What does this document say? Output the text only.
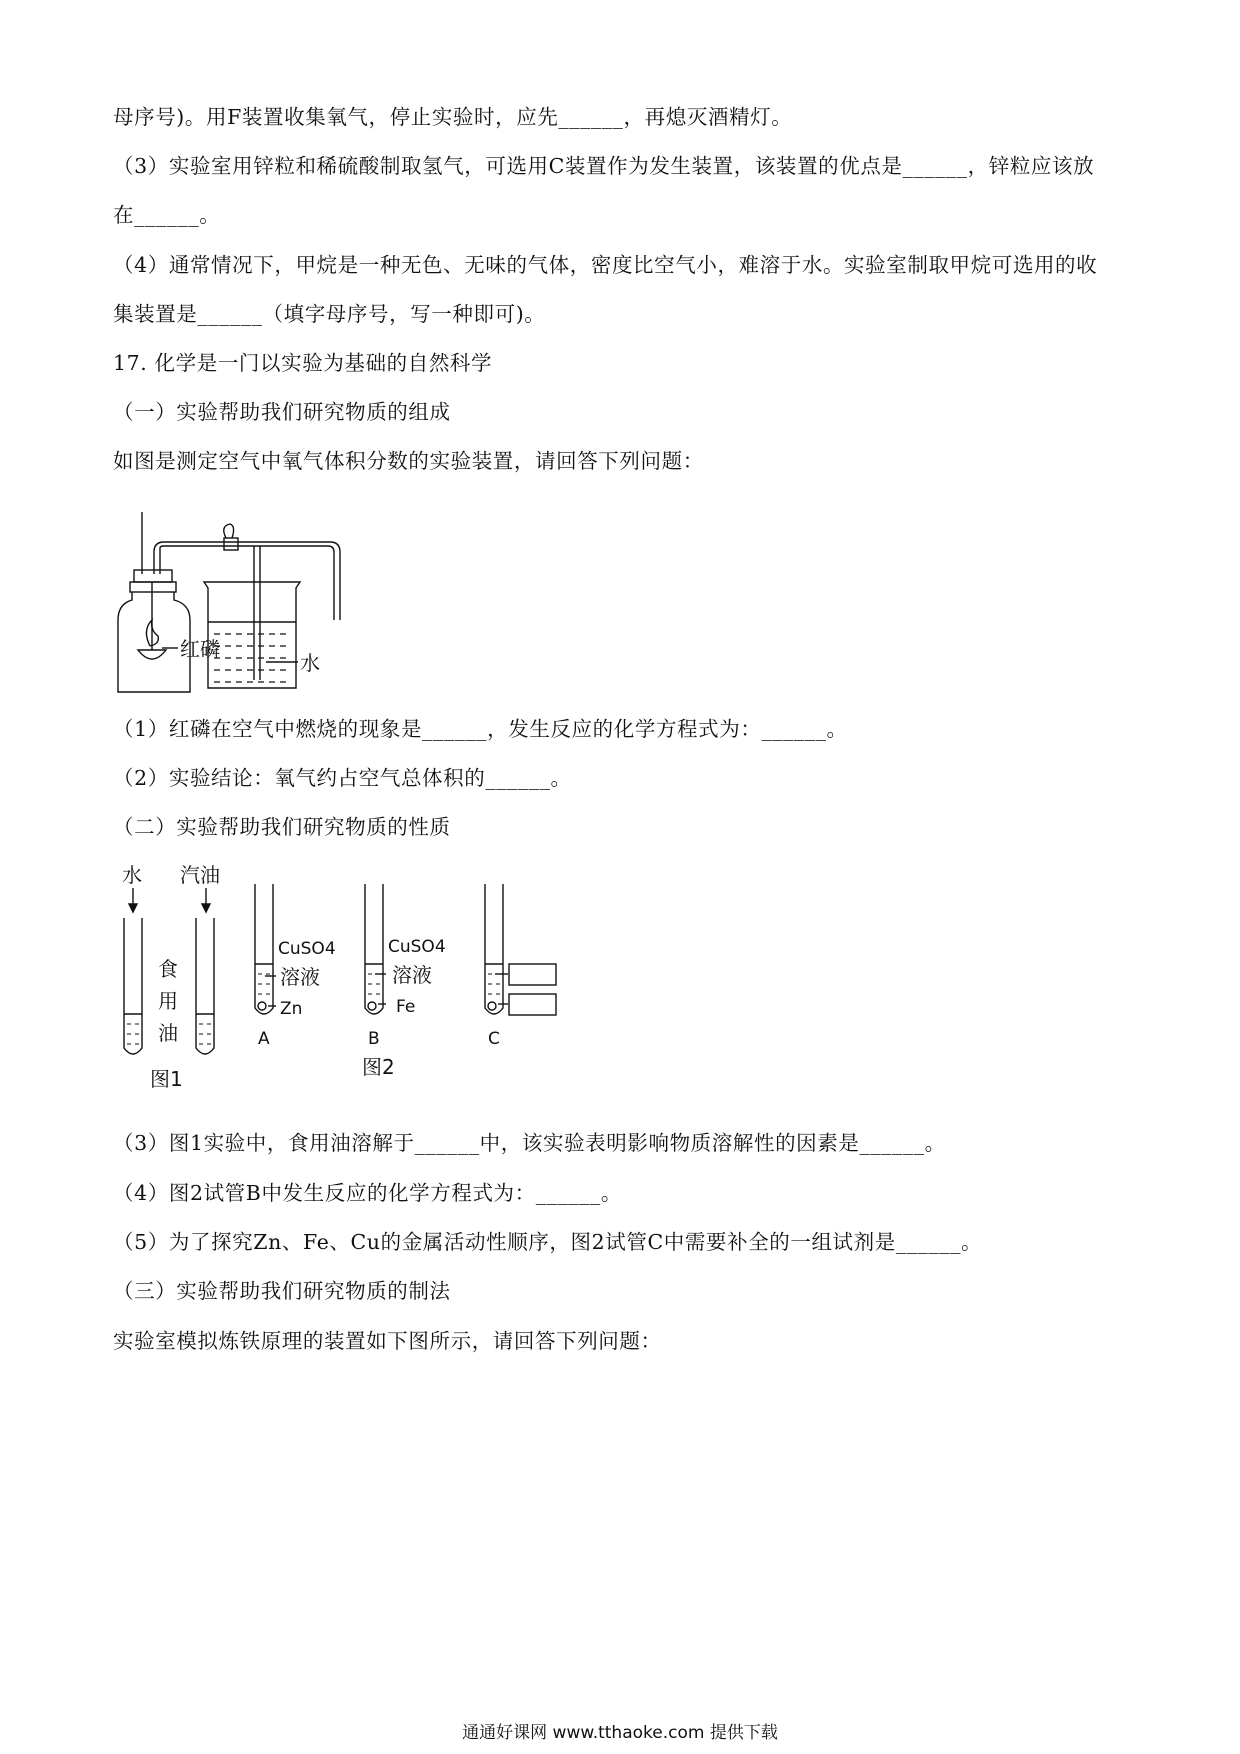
母序号)。用F装置收集氧气，停止实验时，应先______，再熄灭酒精灯。
（3）实验室用锌粒和稀硫酸制取氢气，可选用C装置作为发生装置，该装置的优点是______，锌粒应该放
在______。
（4）通常情况下，甲烷是一种无色、无味的气体，密度比空气小，难溶于水。实验室制取甲烷可选用的收
集装置是______（填字母序号，写一种即可)。
17. 化学是一门以实验为基础的自然科学
（一）实验帮助我们研究物质的组成
如图是测定空气中氧气体积分数的实验装置，请回答下列问题：
红磷
水
（1）红磷在空气中燃烧的现象是______，发生反应的化学方程式为：______。
（2）实验结论：氧气约占空气总体积的______。
（二）实验帮助我们研究物质的性质
水 汽油
食
用
油
图1
CuSO4
溶液
Zn
A
CuSO4
溶液
Fe
B	C
图2
（3）图1实验中，食用油溶解于______中，该实验表明影响物质溶解性的因素是______。
（4）图2试管B中发生反应的化学方程式为：______。
（5）为了探究Zn、Fe、Cu的金属活动性顺序，图2试管C中需要补全的一组试剂是______。
（三）实验帮助我们研究物质的制法
实验室模拟炼铁原理的装置如下图所示，请回答下列问题：
通通好课网 www.tthaoke.com 提供下载
